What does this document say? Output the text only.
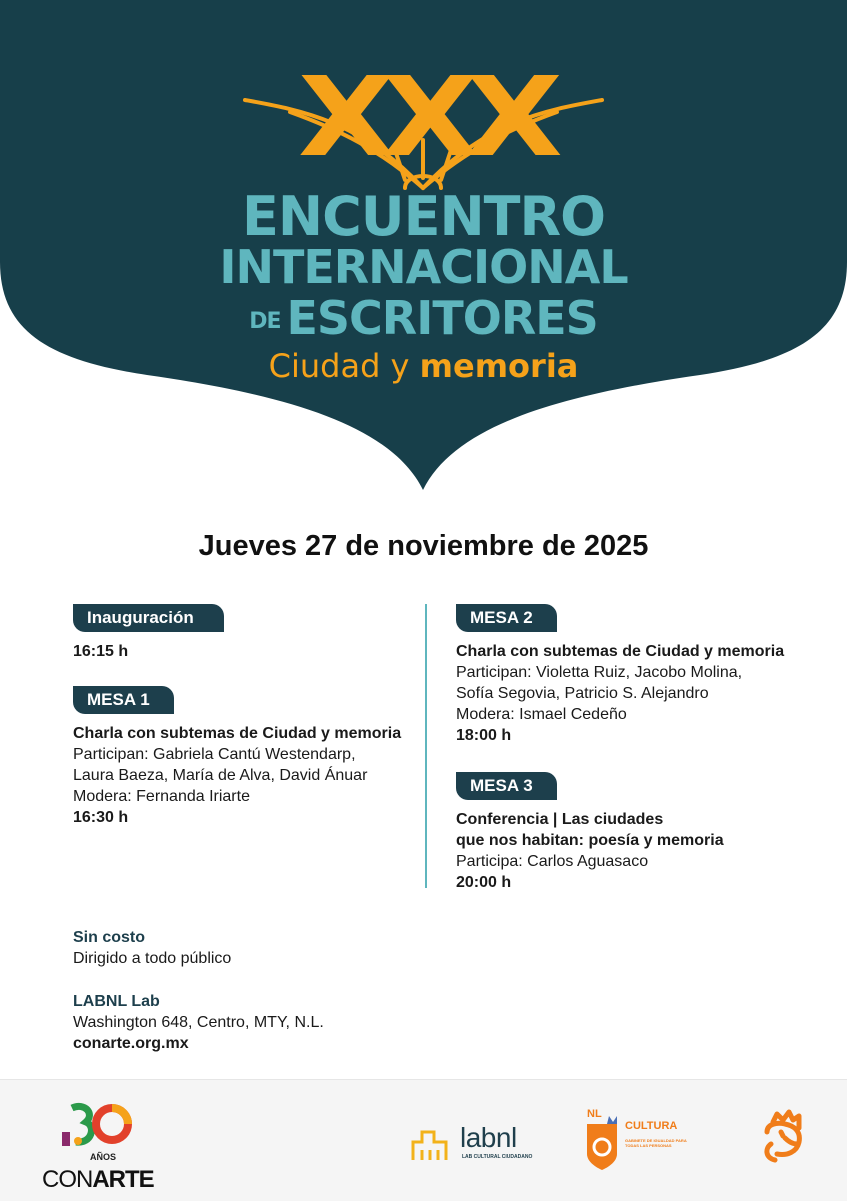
XXX
ENCUENTRO
INTERNACIONAL
DE ESCRITORES
Ciudad y memoria
Jueves 27 de noviembre de 2025
Inauguración
16:15 h
MESA 1
Charla con subtemas de Ciudad y memoria
Participan: Gabriela Cantú Westendarp,
Laura Baeza, María de Alva, David Ánuar
Modera: Fernanda Iriarte
16:30 h
MESA 2
Charla con subtemas de Ciudad y memoria
Participan: Violetta Ruiz, Jacobo Molina,
Sofía Segovia, Patricio S. Alejandro
Modera: Ismael Cedeño
18:00 h
MESA 3
Conferencia | Las ciudades
que nos habitan: poesía y memoria
Participa: Carlos Aguasaco
20:00 h
Sin costo
Dirigido a todo público
LABNL Lab
Washington 648, Centro, MTY, N.L.
conarte.org.mx
AÑOS
CONARTE
labnl
LAB CULTURAL CIUDADANO
NL
CULTURA
GABINETE DE IGUALDAD PARA TODAS LAS PERSONAS
